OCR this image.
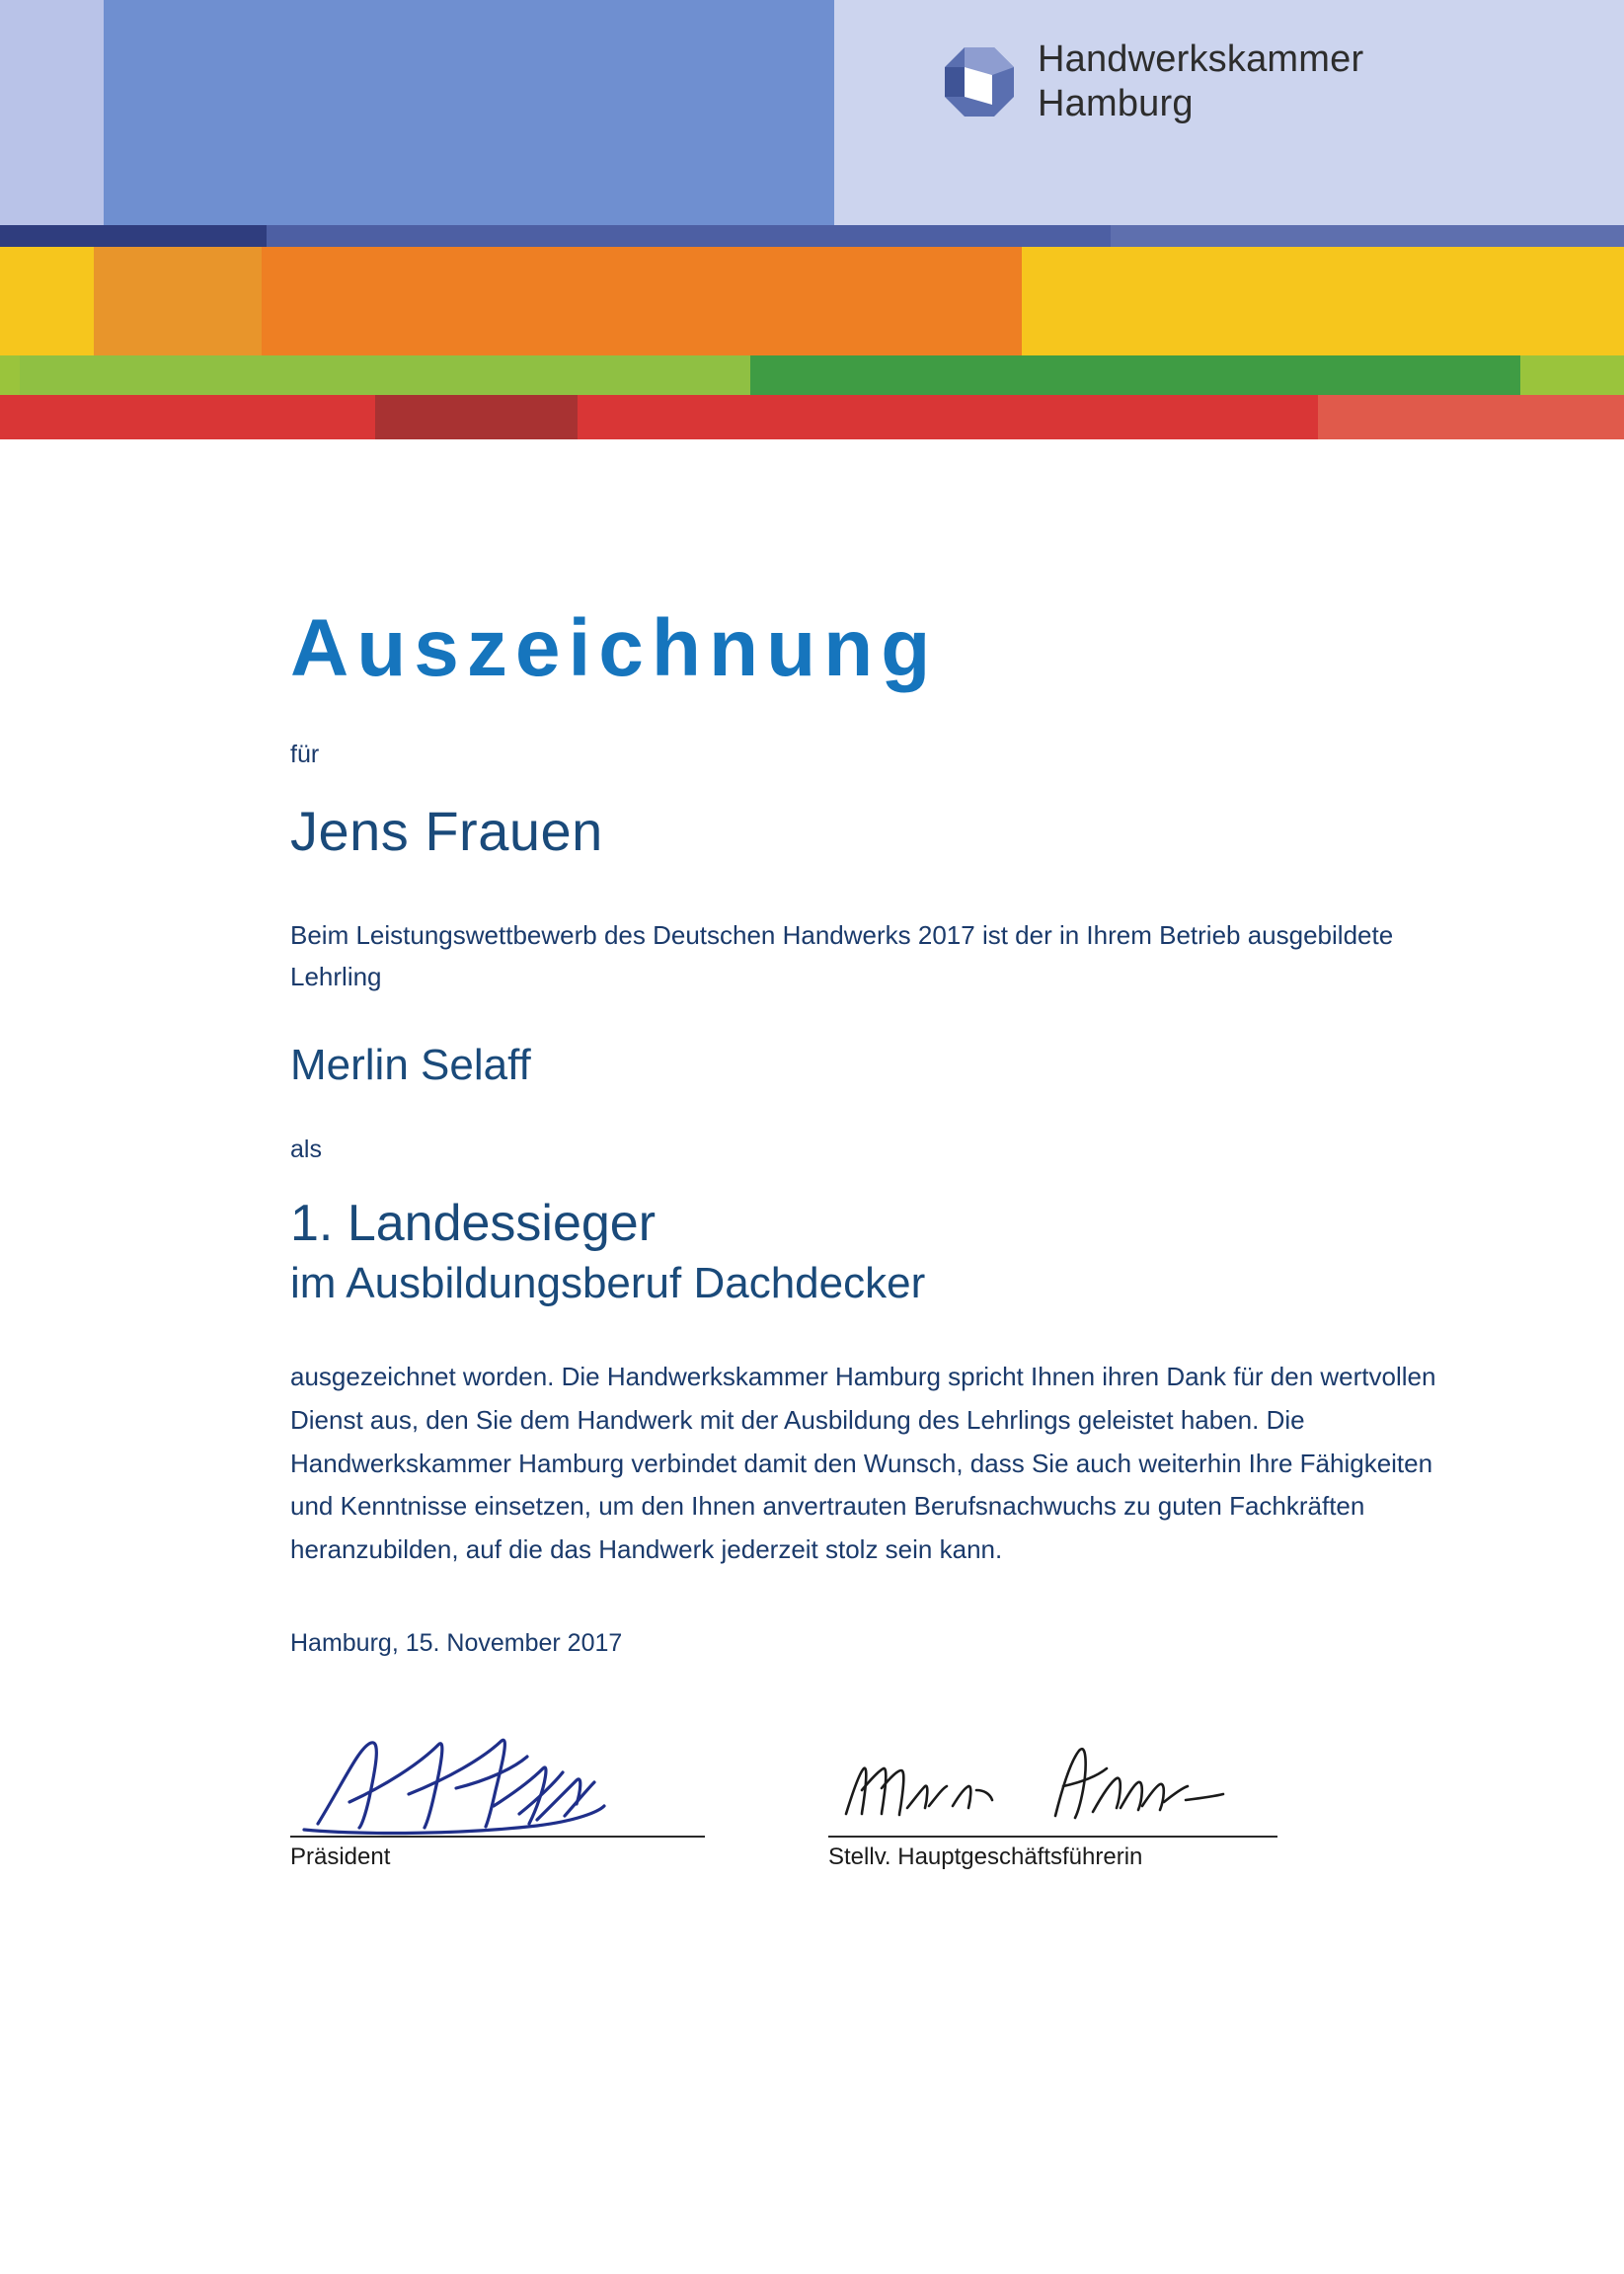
Handwerkskammer
Hamburg
Auszeichnung

für

Jens Frauen

Beim Leistungswettbewerb des Deutschen Handwerks 2017 ist der in Ihrem Betrieb ausgebildete Lehrling

Merlin Selaff

als

1. Landessieger

im Ausbildungsberuf Dachdecker

ausgezeichnet worden. Die Handwerkskammer Hamburg spricht Ihnen ihren Dank für den wertvollen Dienst aus, den Sie dem Handwerk mit der Ausbildung des Lehrlings geleistet haben. Die Handwerkskammer Hamburg verbindet damit den Wunsch, dass Sie auch weiterhin Ihre Fähigkeiten und Kenntnisse einsetzen, um den Ihnen anvertrauten Berufsnachwuchs zu guten Fachkräften heranzubilden, auf die das Handwerk jederzeit stolz sein kann.

Hamburg, 15. November 2017

Präsident	Stellv. Hauptgeschäftsführerin
